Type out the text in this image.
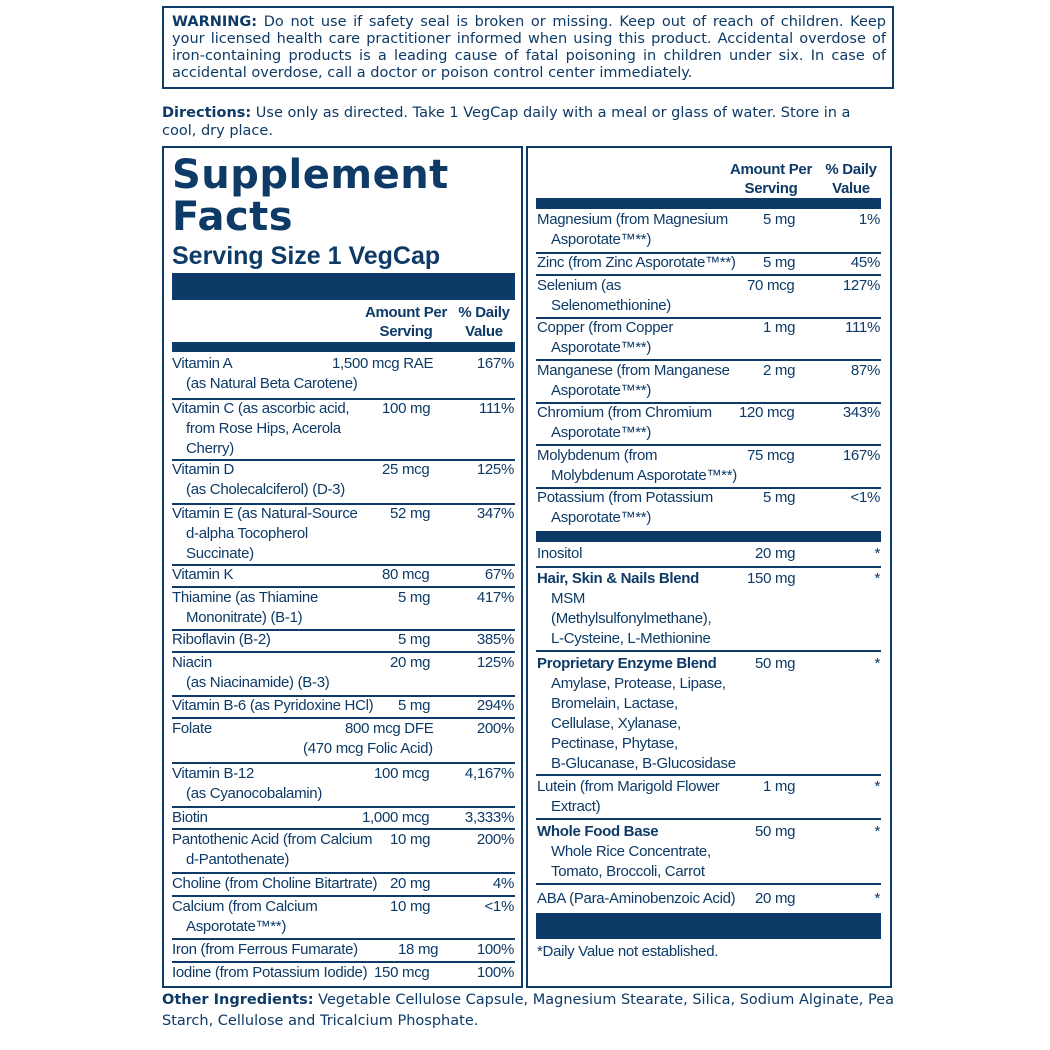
WARNING: Do not use if safety seal is broken or missing. Keep out of reach of children. Keep your licensed health care practitioner informed when using this product. Accidental overdose of iron-containing products is a leading cause of fatal poisoning in children under six. In case of accidental overdose, call a doctor or poison control center immediately.
Directions: Use only as directed. Take 1 VegCap daily with a meal or glass of water. Store in a cool, dry place.
Supplement
Facts
Serving Size 1 VegCap
Amount Per
Serving
% Daily
Value
Vitamin A
(as Natural Beta Carotene)
1,500 mcg RAE	167%
Vitamin C (as ascorbic acid,
from Rose Hips, Acerola
Cherry)
100 mg	111%
Vitamin D
(as Cholecalciferol) (D-3)
25 mcg	125%
Vitamin E (as Natural-Source
d-alpha Tocopherol
Succinate)
52 mg	347%
Vitamin K	80 mcg	67%
Thiamine (as Thiamine
Mononitrate) (B-1)
5 mg	417%
Riboflavin (B-2)	5 mg	385%
Niacin
(as Niacinamide) (B-3)
20 mg	125%
Vitamin B-6 (as Pyridoxine HCl) 5 mg	294%
Folate
(470 mcg Folic Acid)
800 mcg DFE	200%
Vitamin B-12
(as Cyanocobalamin)
100 mcg	4,167%
Biotin	1,000 mcg	3,333%
Pantothenic Acid (from Calcium
d-Pantothenate)
10 mg	200%
Choline (from Choline Bitartrate) 20 mg	4%
Calcium (from Calcium
Asporotate™**)
10 mg	<1%
Iron (from Ferrous Fumarate)	18 mg	100%
Iodine (from Potassium Iodide) 150 mcg	100%
Amount Per
Serving
% Daily
Value
Magnesium (from Magnesium
Asporotate™**)
5 mg	1%
Zinc (from Zinc Asporotate™**) 5 mg	45%
Selenium (as
Selenomethionine)
70 mcg	127%
Copper (from Copper
Asporotate™**)
1 mg	111%
Manganese (from Manganese
Asporotate™**)
2 mg	87%
Chromium (from Chromium
Asporotate™**)
120 mcg	343%
Molybdenum (from
Molybdenum Asporotate™**)
75 mcg	167%
Potassium (from Potassium
Asporotate™**)
5 mg	<1%
Inositol	20 mg	*
Hair, Skin & Nails Blend
MSM
(Methylsulfonylmethane),
L-Cysteine, L-Methionine
150 mg	*
Proprietary Enzyme Blend
Amylase, Protease, Lipase,
Bromelain, Lactase,
Cellulase, Xylanase,
Pectinase, Phytase,
B-Glucanase, B-Glucosidase
50 mg	*
Lutein (from Marigold Flower
Extract)
1 mg	*
Whole Food Base
Whole Rice Concentrate,
Tomato, Broccoli, Carrot
50 mg	*
ABA (Para-Aminobenzoic Acid) 20 mg	*
*Daily Value not established.
Other Ingredients: Vegetable Cellulose Capsule, Magnesium Stearate, Silica, Sodium Alginate, Pea Starch, Cellulose and Tricalcium Phosphate.
